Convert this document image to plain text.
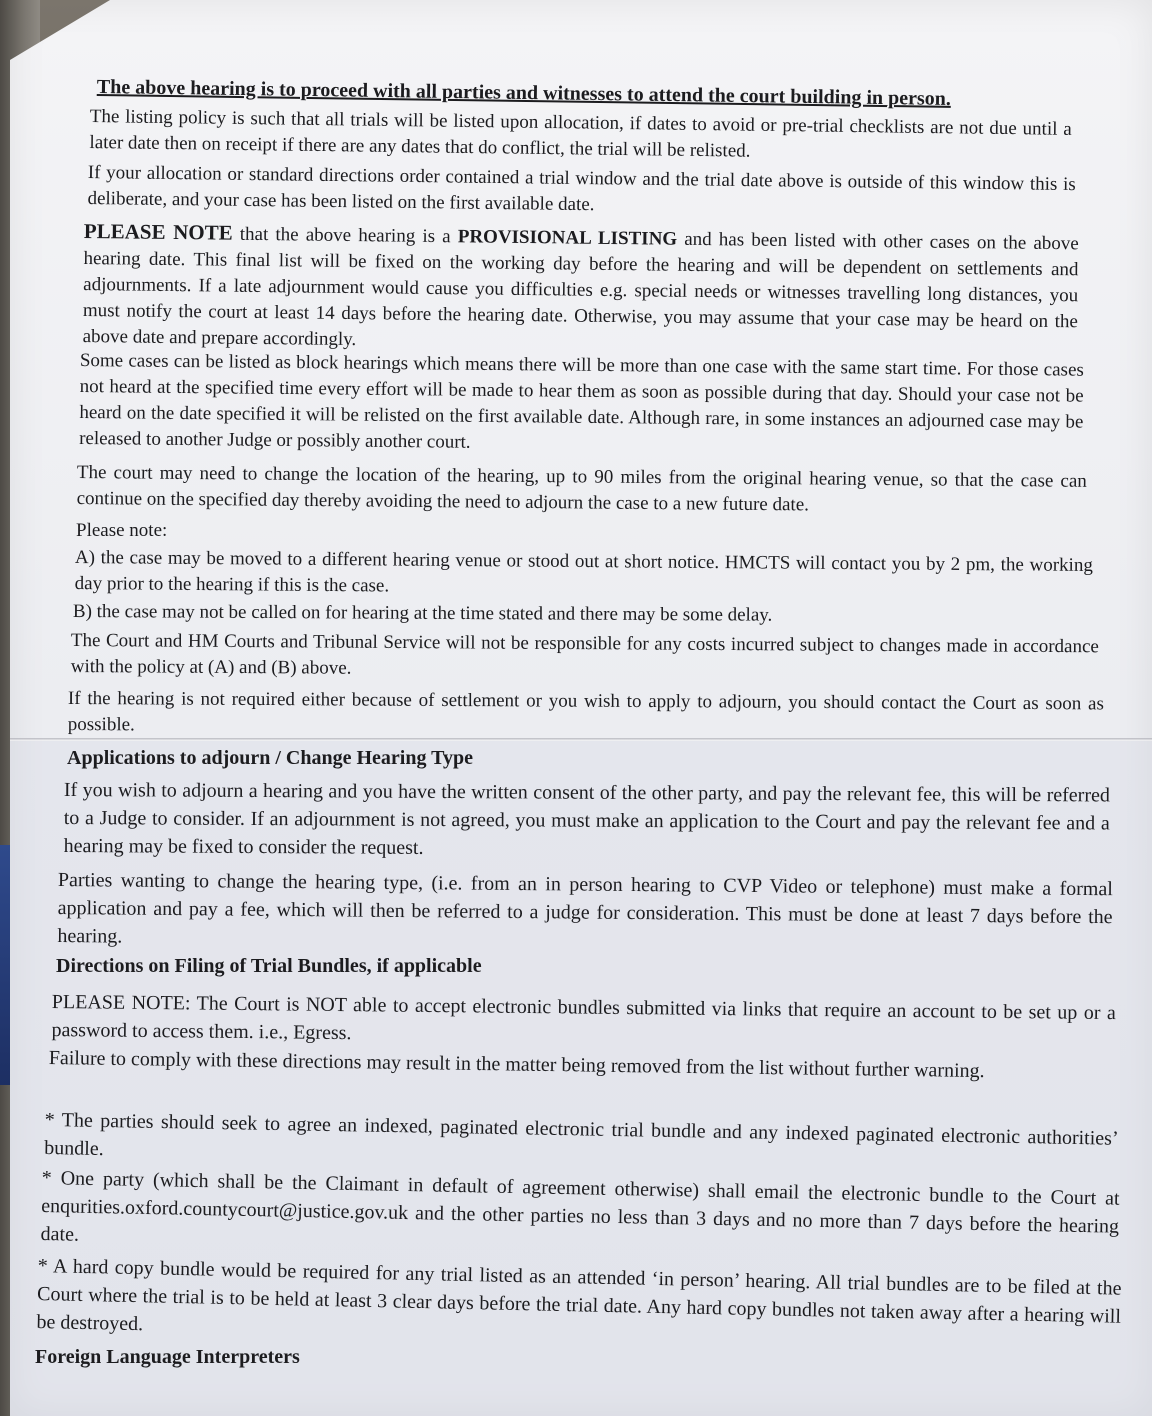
The above hearing is to proceed with all parties and witnesses to attend the court building in person.

The listing policy is such that all trials will be listed upon allocation, if dates to avoid or pre-trial checklists are not due until a later date then on receipt if there are any dates that do conflict, the trial will be relisted.

If your allocation or standard directions order contained a trial window and the trial date above is outside of this window this is deliberate, and your case has been listed on the first available date.

PLEASE NOTE that the above hearing is a PROVISIONAL LISTING and has been listed with other cases on the above hearing date. This final list will be fixed on the working day before the hearing and will be dependent on settlements and adjournments. If a late adjournment would cause you difficulties e.g. special needs or witnesses travelling long distances, you must notify the court at least 14 days before the hearing date. Otherwise, you may assume that your case may be heard on the above date and prepare accordingly.

Some cases can be listed as block hearings which means there will be more than one case with the same start time. For those cases not heard at the specified time every effort will be made to hear them as soon as possible during that day. Should your case not be heard on the date specified it will be relisted on the first available date. Although rare, in some instances an adjourned case may be released to another Judge or possibly another court.

The court may need to change the location of the hearing, up to 90 miles from the original hearing venue, so that the case can continue on the specified day thereby avoiding the need to adjourn the case to a new future date.

Please note:

A) the case may be moved to a different hearing venue or stood out at short notice. HMCTS will contact you by 2 pm, the working day prior to the hearing if this is the case.

B) the case may not be called on for hearing at the time stated and there may be some delay.

The Court and HM Courts and Tribunal Service will not be responsible for any costs incurred subject to changes made in accordance with the policy at (A) and (B) above.

If the hearing is not required either because of settlement or you wish to apply to adjourn, you should contact the Court as soon as possible.

Applications to adjourn / Change Hearing Type

If you wish to adjourn a hearing and you have the written consent of the other party, and pay the relevant fee, this will be referred to a Judge to consider. If an adjournment is not agreed, you must make an application to the Court and pay the relevant fee and a hearing may be fixed to consider the request.

Parties wanting to change the hearing type, (i.e. from an in person hearing to CVP Video or telephone) must make a formal application and pay a fee, which will then be referred to a judge for consideration. This must be done at least 7 days before the hearing.

Directions on Filing of Trial Bundles, if applicable

PLEASE NOTE: The Court is NOT able to accept electronic bundles submitted via links that require an account to be set up or a password to access them. i.e., Egress.

Failure to comply with these directions may result in the matter being removed from the list without further warning.

* The parties should seek to agree an indexed, paginated electronic trial bundle and any indexed paginated electronic authorities’ bundle.

* One party (which shall be the Claimant in default of agreement otherwise) shall email the electronic bundle to the Court at enqurities.oxford.countycourt@justice.gov.uk and the other parties no less than 3 days and no more than 7 days before the hearing date.

* A hard copy bundle would be required for any trial listed as an attended ‘in person’ hearing. All trial bundles are to be filed at the Court where the trial is to be held at least 3 clear days before the trial date. Any hard copy bundles not taken away after a hearing will be destroyed.

Foreign Language Interpreters
